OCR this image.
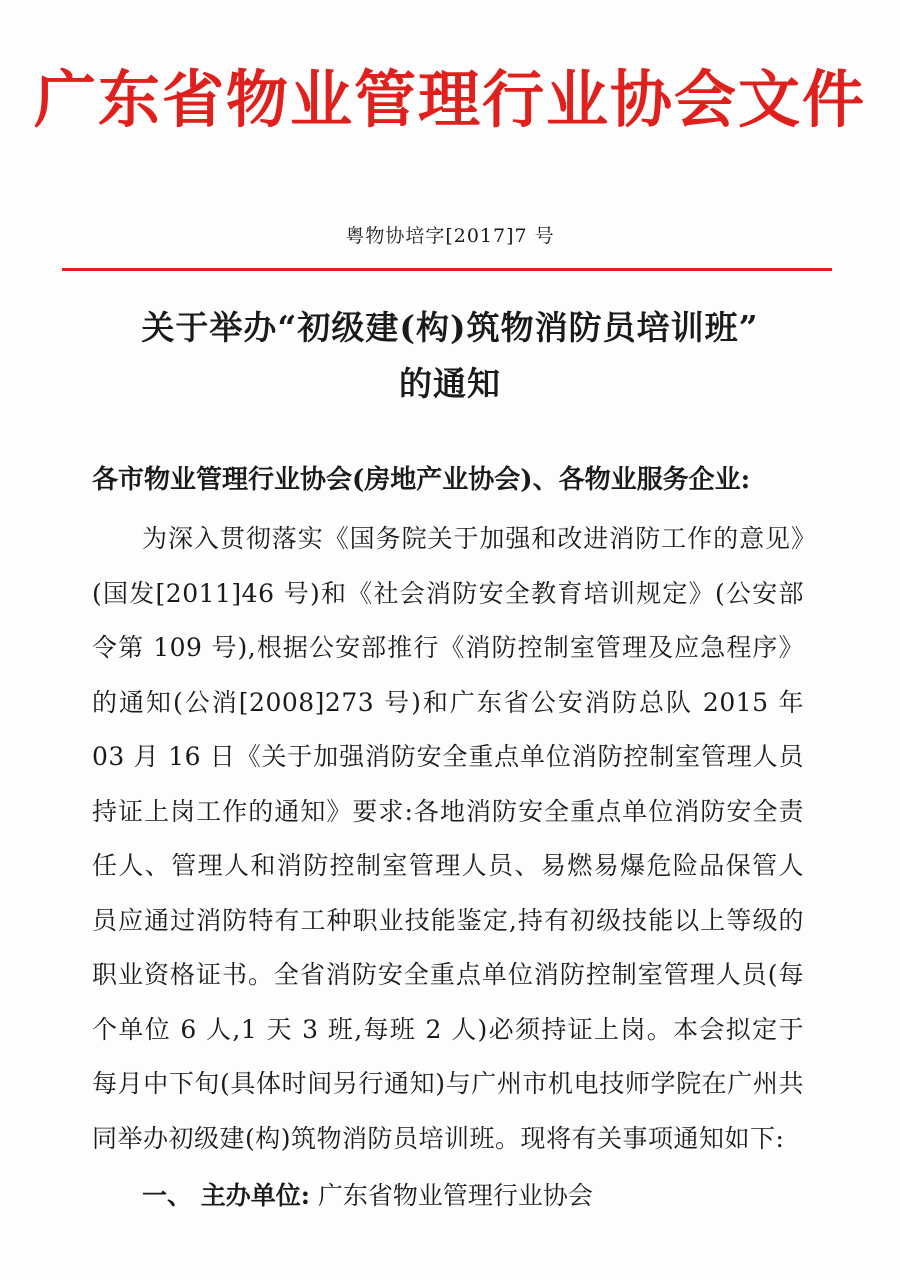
广东省物业管理行业协会文件
粤物协培字[2017]7 号
关于举办“初级建(构)筑物消防员培训班”
的通知
各市物业管理行业协会(房地产业协会)、各物业服务企业:

为深入贯彻落实《国务院关于加强和改进消防工作的意见》(国发[2011]46 号)和《社会消防安全教育培训规定》(公安部令第 109 号),根据公安部推行《消防控制室管理及应急程序》的通知(公消[2008]273 号)和广东省公安消防总队 2015 年 03 月 16 日《关于加强消防安全重点单位消防控制室管理人员持证上岗工作的通知》要求:各地消防安全重点单位消防安全责任人、管理人和消防控制室管理人员、易燃易爆危险品保管人员应通过消防特有工种职业技能鉴定,持有初级技能以上等级的职业资格证书。全省消防安全重点单位消防控制室管理人员(每个单位 6 人,1 天 3 班,每班 2 人)必须持证上岗。本会拟定于每月中下旬(具体时间另行通知)与广州市机电技师学院在广州共同举办初级建(构)筑物消防员培训班。现将有关事项通知如下:

一、 主办单位: 广东省物业管理行业协会
